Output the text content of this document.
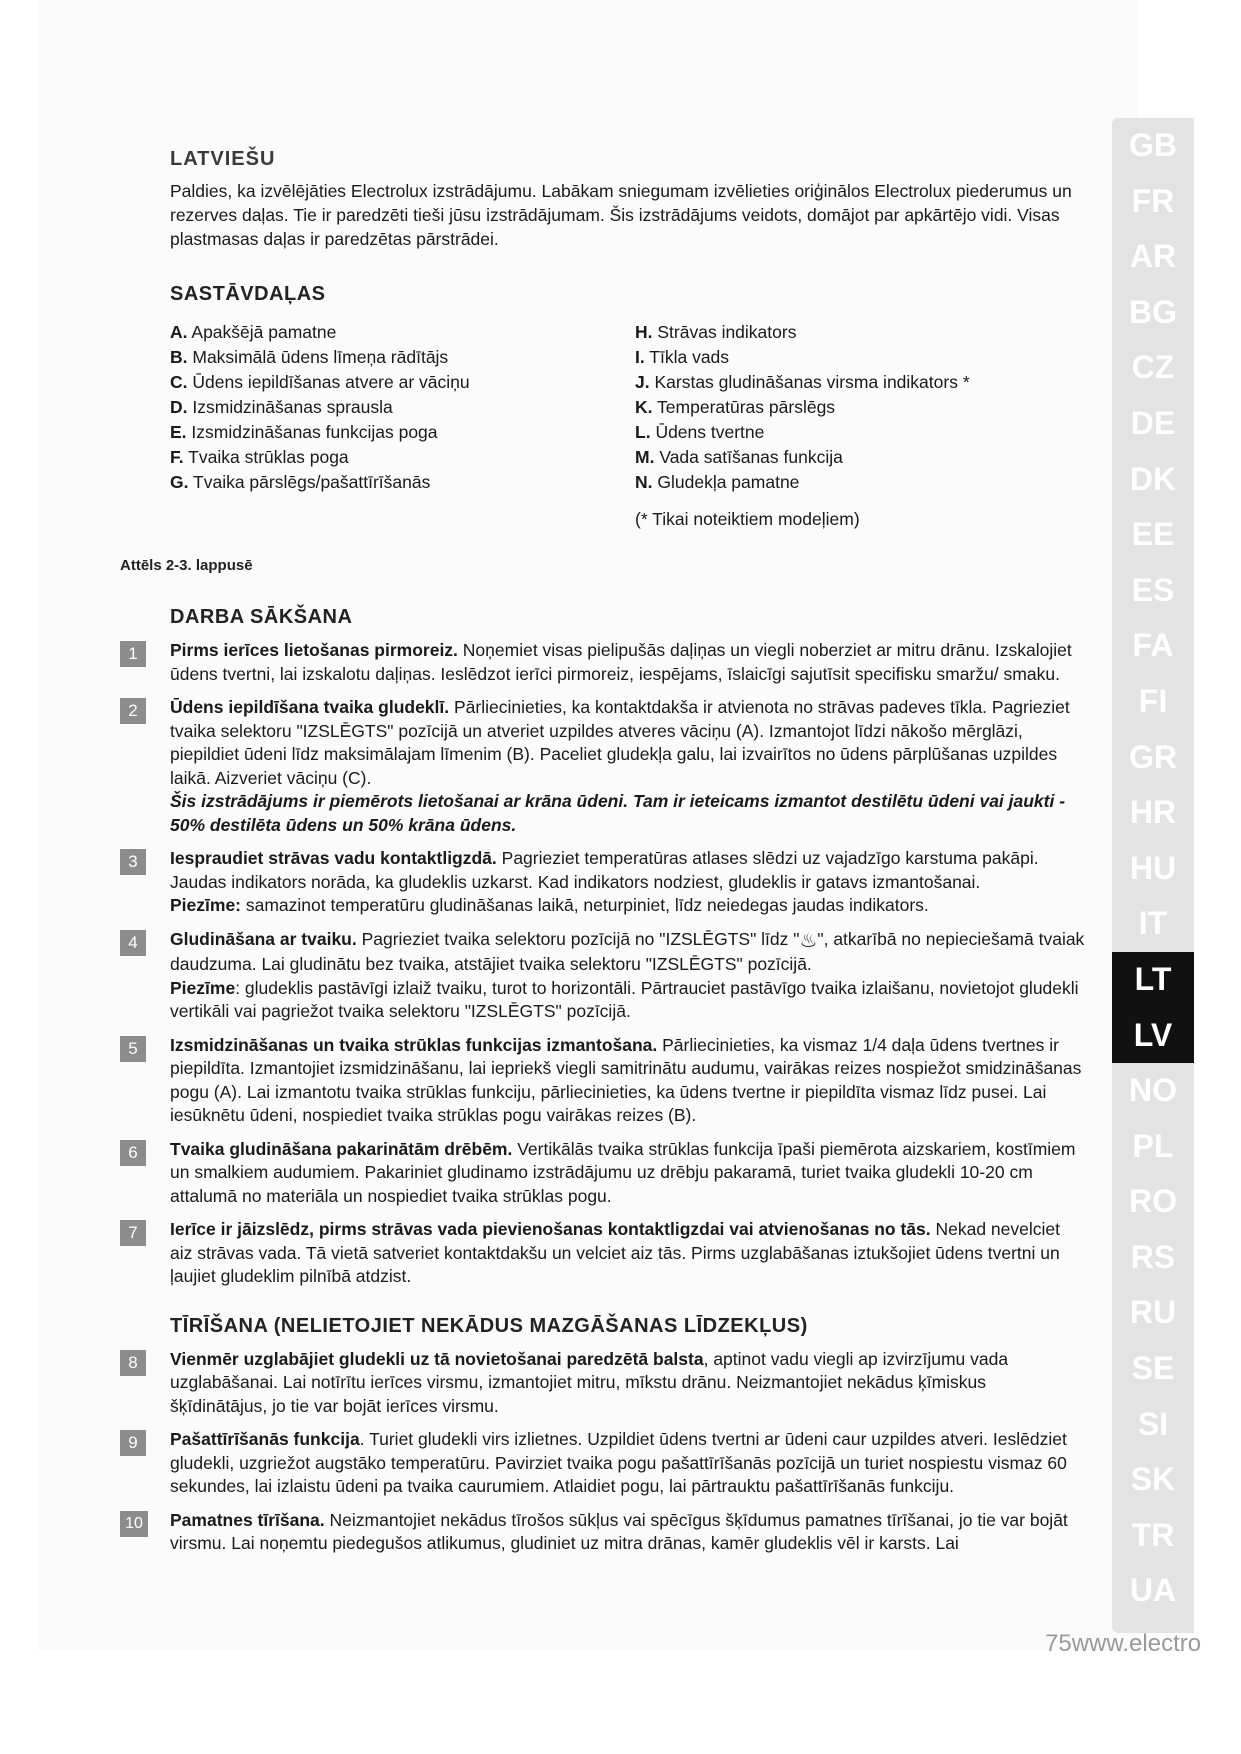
LATVIEŠU

Paldies, ka izvēlējāties Electrolux izstrādājumu. Labākam sniegumam izvēlieties oriģinālos Electrolux piederumus un rezerves daļas. Tie ir paredzēti tieši jūsu izstrādājumam. Šis izstrādājums veidots, domājot par apkārtējo vidi. Visas plastmasas daļas ir paredzētas pārstrādei.

SASTĀVDAĻAS
A. Apakšējā pamatne
B. Maksimālā ūdens līmeņa rādītājs
C. Ūdens iepildīšanas atvere ar vāciņu
D. Izsmidzināšanas sprausla
E. Izsmidzināšanas funkcijas poga
F. Tvaika strūklas poga
G. Tvaika pārslēgs/pašattīrīšanās
H. Strāvas indikators
I. Tīkla vads
J. Karstas gludināšanas virsma indikators *
K. Temperatūras pārslēgs
L. Ūdens tvertne
M. Vada satīšanas funkcija
N. Gludekļa pamatne

(* Tikai noteiktiem modeļiem)

Attēls 2-3. lappusē
DARBA SĀKŠANA
1	Pirms ierīces lietošanas pirmoreiz. Noņemiet visas pielipušās daļiņas un viegli noberziet ar mitru drānu. Izskalojiet ūdens tvertni, lai izskalotu daļiņas. Ieslēdzot ierīci pirmoreiz, iespējams, īslaicīgi sajutīsit specifisku smaržu/ smaku.
2	Ūdens iepildīšana tvaika gludeklī. Pārliecinieties, ka kontaktdakša ir atvienota no strāvas padeves tīkla. Pagrieziet tvaika selektoru "IZSLĒGTS" pozīcijā un atveriet uzpildes atveres vāciņu (A). Izmantojot līdzi nākošo mērglāzi, piepildiet ūdeni līdz maksimālajam līmenim (B). Paceliet gludekļa galu, lai izvairītos no ūdens pārplūšanas uzpildes laikā. Aizveriet vāciņu (C).
Šis izstrādājums ir piemērots lietošanai ar krāna ūdeni. Tam ir ieteicams izmantot destilētu ūdeni vai jaukti - 50% destilēta ūdens un 50% krāna ūdens.
3	Iespraudiet strāvas vadu kontaktligzdā. Pagrieziet temperatūras atlases slēdzi uz vajadzīgo karstuma pakāpi. Jaudas indikators norāda, ka gludeklis uzkarst. Kad indikators nodziest, gludeklis ir gatavs izmantošanai.
Piezīme: samazinot temperatūru gludināšanas laikā, neturpiniet, līdz neiedegas jaudas indikators.
4	Gludināšana ar tvaiku. Pagrieziet tvaika selektoru pozīcijā no "IZSLĒGTS" līdz "♨", atkarībā no nepieciešamā tvaiak daudzuma. Lai gludinātu bez tvaika, atstājiet tvaika selektoru "IZSLĒGTS" pozīcijā.
Piezīme: gludeklis pastāvīgi izlaiž tvaiku, turot to horizontāli. Pārtrauciet pastāvīgo tvaika izlaišanu, novietojot gludekli vertikāli vai pagriežot tvaika selektoru "IZSLĒGTS" pozīcijā.
5	Izsmidzināšanas un tvaika strūklas funkcijas izmantošana. Pārliecinieties, ka vismaz 1/4 daļa ūdens tvertnes ir piepildīta. Izmantojiet izsmidzināšanu, lai iepriekš viegli samitrinātu audumu, vairākas reizes nospiežot smidzināšanas pogu (A). Lai izmantotu tvaika strūklas funkciju, pārliecinieties, ka ūdens tvertne ir piepildīta vismaz līdz pusei. Lai iesūknētu ūdeni, nospiediet tvaika strūklas pogu vairākas reizes (B).
6	Tvaika gludināšana pakarinātām drēbēm. Vertikālās tvaika strūklas funkcija īpaši piemērota aizskariem, kostīmiem un smalkiem audumiem. Pakariniet gludinamo izstrādājumu uz drēbju pakaramā, turiet tvaika gludekli 10-20 cm attalumā no materiāla un nospiediet tvaika strūklas pogu.
7	Ierīce ir jāizslēdz, pirms strāvas vada pievienošanas kontaktligzdai vai atvienošanas no tās. Nekad nevelciet aiz strāvas vada. Tā vietā satveriet kontaktdakšu un velciet aiz tās. Pirms uzglabāšanas iztukšojiet ūdens tvertni un ļaujiet gludeklim pilnībā atdzist.
TĪRĪŠANA (NELIETOJIET NEKĀDUS MAZGĀŠANAS LĪDZEKĻUS)
8	Vienmēr uzglabājiet gludekli uz tā novietošanai paredzētā balsta, aptinot vadu viegli ap izvirzījumu vada uzglabāšanai. Lai notīrītu ierīces virsmu, izmantojiet mitru, mīkstu drānu. Neizmantojiet nekādus ķīmiskus šķīdinātājus, jo tie var bojāt ierīces virsmu.
9	Pašattīrīšanās funkcija. Turiet gludekli virs izlietnes. Uzpildiet ūdens tvertni ar ūdeni caur uzpildes atveri. Ieslēdziet gludekli, uzgriežot augstāko temperatūru. Pavirziet tvaika pogu pašattīrīšanās pozīcijā un turiet nospiestu vismaz 60 sekundes, lai izlaistu ūdeni pa tvaika caurumiem. Atlaidiet pogu, lai pārtrauktu pašattīrīšanās funkciju.
10 Pamatnes tīrīšana. Neizmantojiet nekādus tīrošos sūkļus vai spēcīgus šķīdumus pamatnes tīrīšanai, jo tie var bojāt virsmu. Lai noņemtu piedegušos atlikumus, gludiniet uz mitra drānas, kamēr gludeklis vēl ir karsts. Lai
GB
FR
AR
BG
CZ
DE
DK
EE
ES
FA
FI
GR
HR
HU
IT
LT
LV
NO
PL
RO
RS
RU
SE
SI
SK
TR
UA
75www.electro
